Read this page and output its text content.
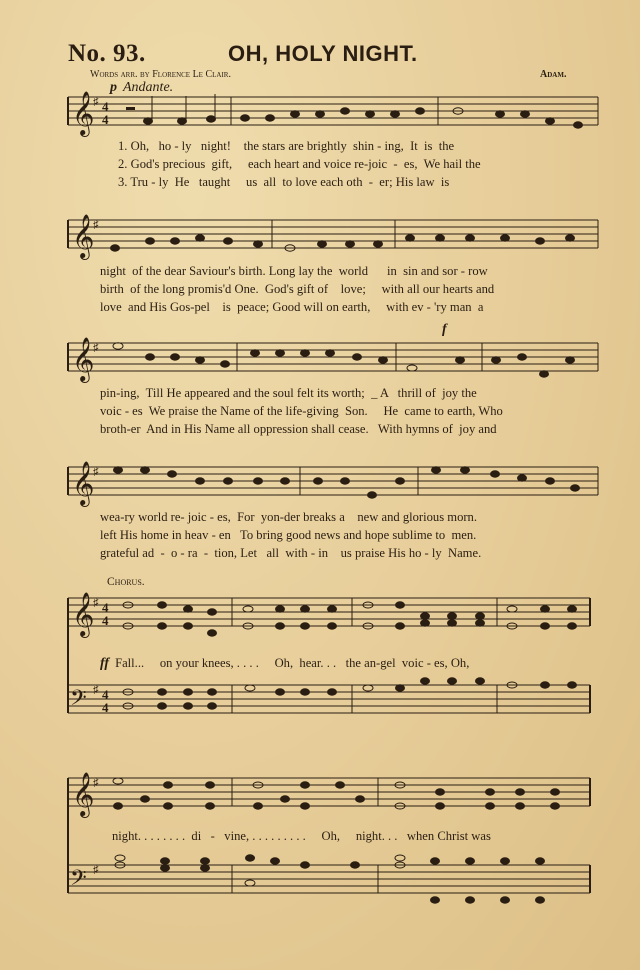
No. 93.	OH, HOLY NIGHT.
Words arr. by Florence Le Clair.	Adam.
p Andante.
𝄞
♯ 4
4
𝄞
♯
𝄞
♯
𝄞
♯
𝄞
♯ 4
4
𝄢 ♯ 4
4
𝄞
♯
𝄢 ♯
1. Oh,   ho - ly   night!    the stars are brightly  shin - ing,  It  is  the
2. God's precious  gift,     each heart and voice re-joic  -  es,  We hail the
3. Tru - ly  He   taught     us  all  to love each oth  -  er; His law  is
night  of the dear Saviour's birth. Long lay the  world      in  sin and sor - row
birth  of the long promis'd One.  God's gift of    love;     with all our hearts and
love  and His Gos-pel    is  peace; Good will on earth,     with ev - 'ry man  a
f
pin-ing,  Till He appeared and the soul felt its worth;  _ A   thrill of  joy the
voic - es  We praise the Name of the life-giving  Son.     He  came to earth, Who
broth-er  And in His Name all oppression shall cease.   With hymns of  joy and
wea-ry world re- joic - es,  For  yon-der breaks a    new and glorious morn.
left His home in heav - en   To bring good news and hope sublime to  men.
grateful ad  -  o - ra  -  tion, Let   all  with - in    us praise His ho - ly  Name.
Chorus.
ff Fall...     on your knees, . . . .     Oh,  hear. . .   the an-gel  voic - es, Oh,
night. . . . . . . .  di   -   vine, . . . . . . . . .     Oh,     night. . .   when Christ was
